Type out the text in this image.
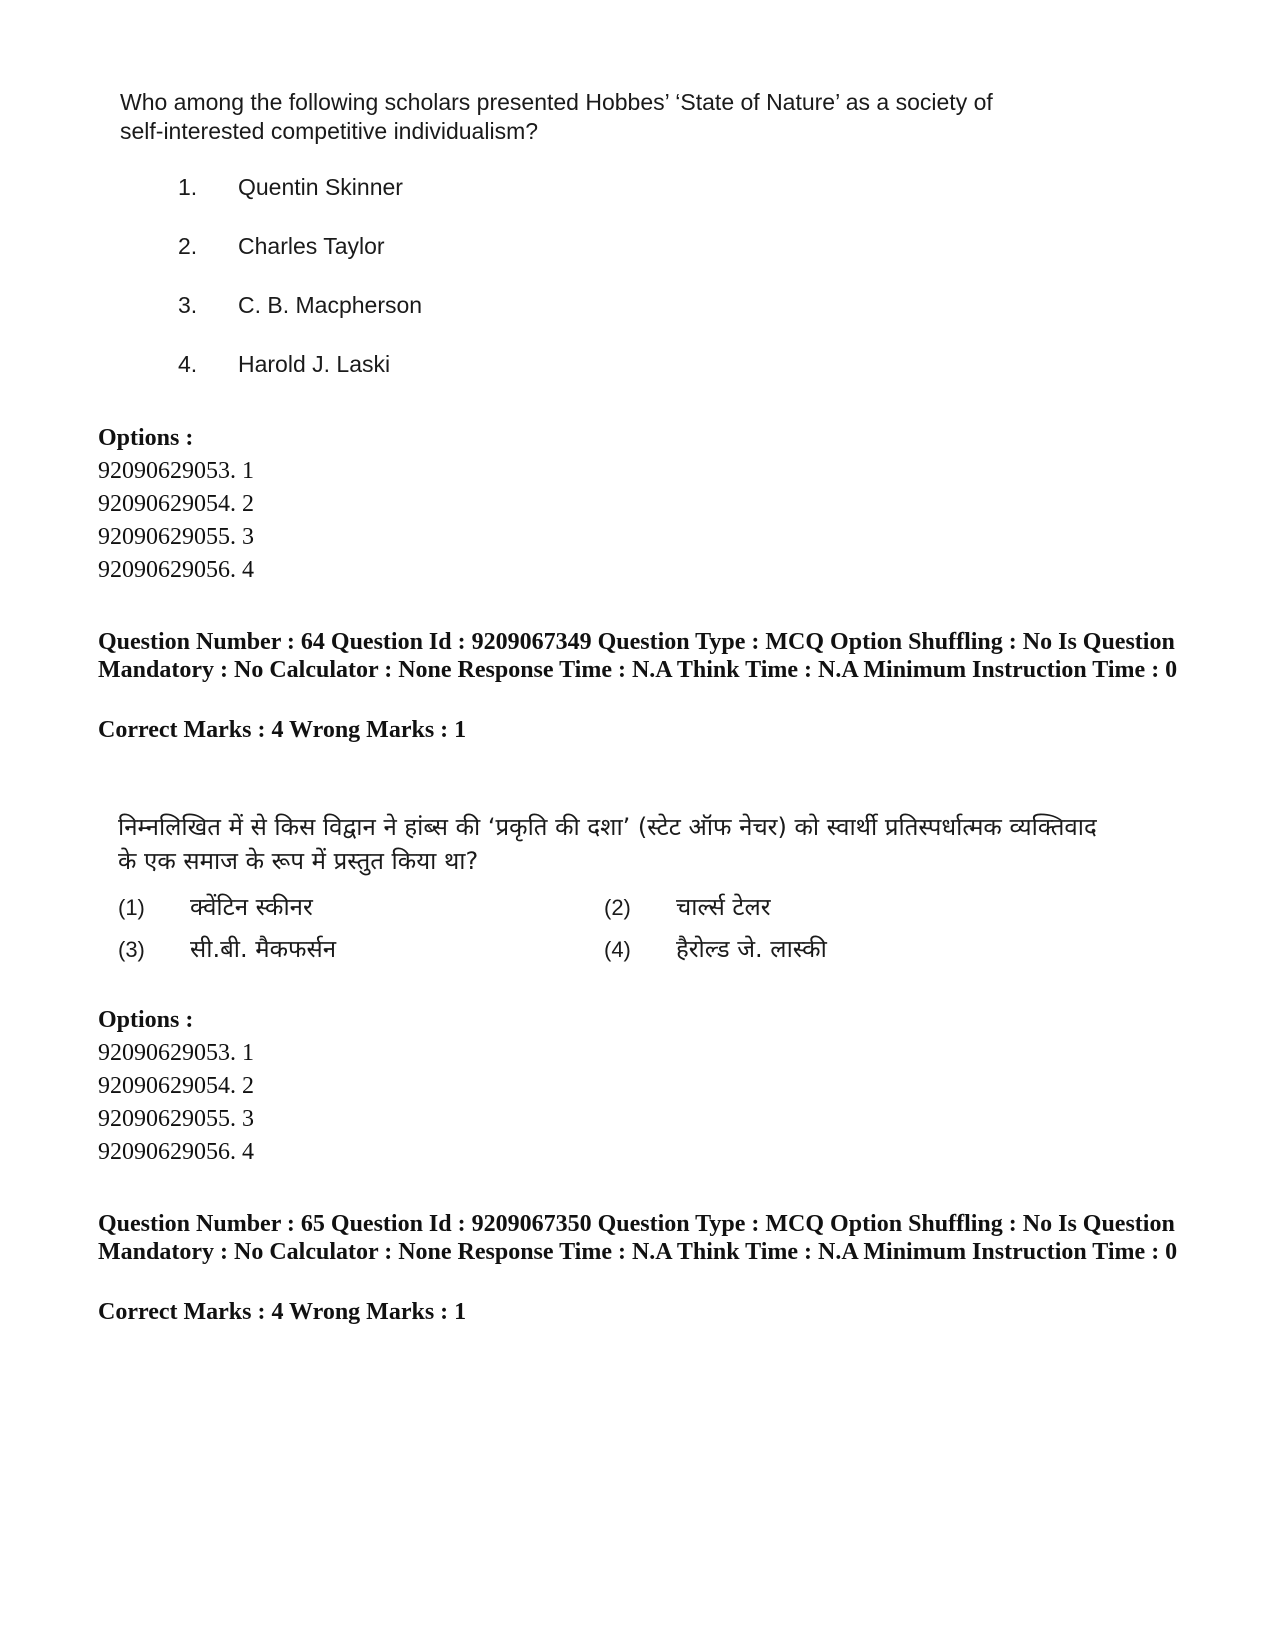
Who among the following scholars presented Hobbes’ ‘State of Nature’ as a society of self-interested competitive individualism?
1.	Quentin Skinner
2.	Charles Taylor
3.	C. B. Macpherson
4.	Harold J. Laski
Options :
92090629053. 1
92090629054. 2
92090629055. 3
92090629056. 4
Question Number : 64 Question Id : 9209067349 Question Type : MCQ Option Shuffling : No Is Question Mandatory : No Calculator : None Response Time : N.A Think Time : N.A Minimum Instruction Time : 0
Correct Marks : 4 Wrong Marks : 1
निम्नलिखित में से किस विद्वान ने हांब्स की ‘प्रकृति की दशा’ (स्टेट ऑफ नेचर) को स्वार्थी प्रतिस्पर्धात्मक व्यक्तिवाद के एक समाज के रूप में प्रस्तुत किया था?
(1)	क्वेंटिन स्कीनर	(2)	चार्ल्स टेलर
(3)	सी.बी. मैकफर्सन	(4)	हैरोल्ड जे. लास्की
Options :
92090629053. 1
92090629054. 2
92090629055. 3
92090629056. 4
Question Number : 65 Question Id : 9209067350 Question Type : MCQ Option Shuffling : No Is Question Mandatory : No Calculator : None Response Time : N.A Think Time : N.A Minimum Instruction Time : 0
Correct Marks : 4 Wrong Marks : 1
